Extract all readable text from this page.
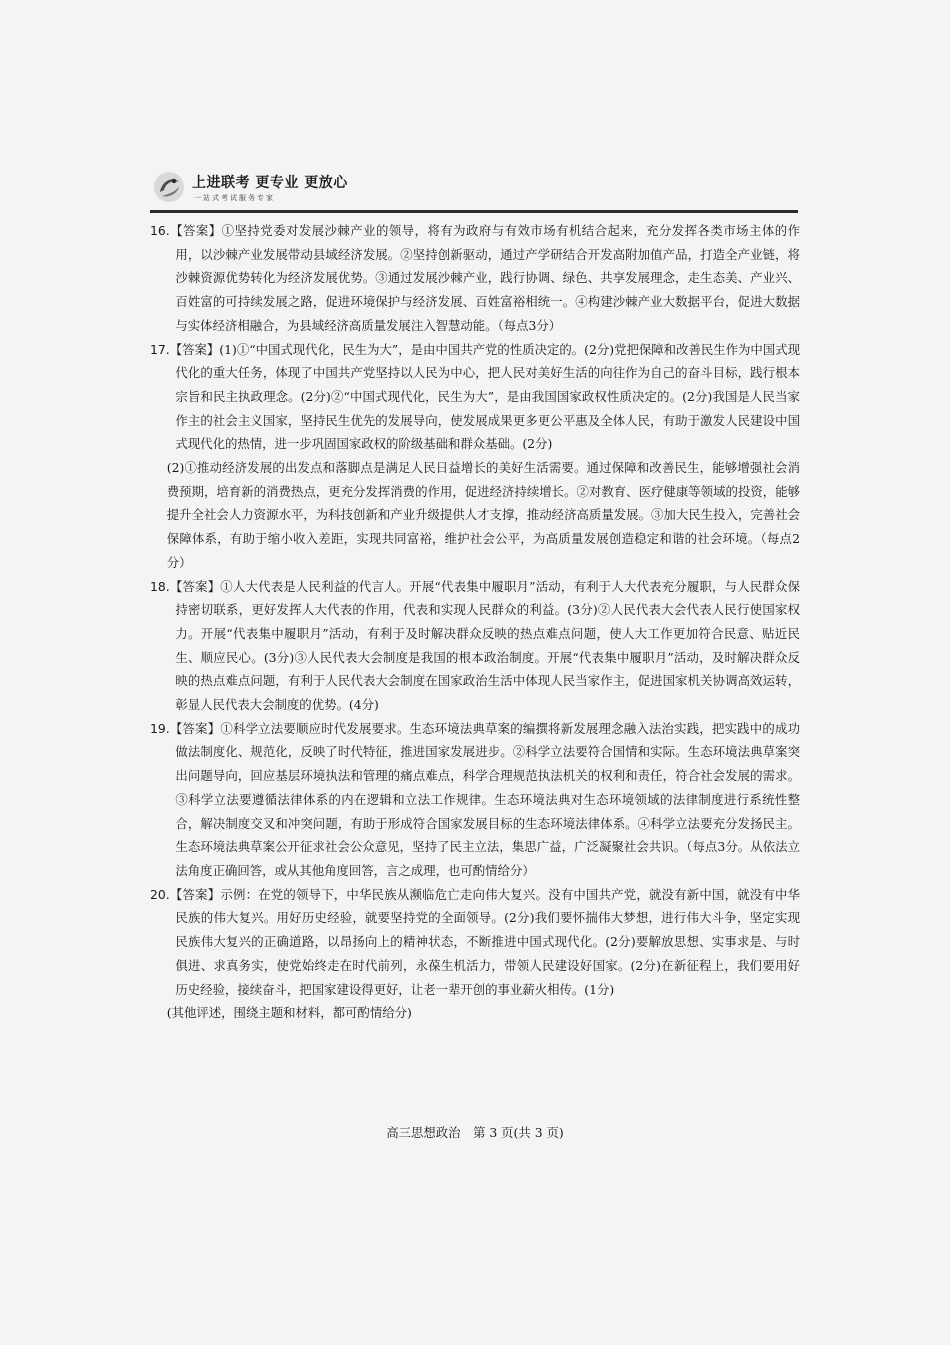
​
上进联考 更专业 更放心
一站式考试服务专家

16.【答案】①坚持党委对发展沙棘产业的领导，将有为政府与有效市场有机结合起来，充分发挥各类市场主体的作用，以沙棘产业发展带动县域经济发展。②坚持创新驱动，通过产学研结合开发高附加值产品，打造全产业链，将沙棘资源优势转化为经济发展优势。③通过发展沙棘产业，践行协调、绿色、共享发展理念，走生态美、产业兴、百姓富的可持续发展之路，促进环境保护与经济发展、百姓富裕相统一。④构建沙棘产业大数据平台，促进大数据与实体经济相融合，为县域经济高质量发展注入智慧动能。（每点3分）

17.【答案】(1)①“中国式现代化，民生为大”，是由中国共产党的性质决定的。(2分)党把保障和改善民生作为中国式现代化的重大任务，体现了中国共产党坚持以人民为中心，把人民对美好生活的向往作为自己的奋斗目标，践行根本宗旨和民主执政理念。(2分)②“中国式现代化，民生为大”，是由我国国家政权性质决定的。(2分)我国是人民当家作主的社会主义国家，坚持民生优先的发展导向，使发展成果更多更公平惠及全体人民，有助于激发人民建设中国式现代化的热情，进一步巩固国家政权的阶级基础和群众基础。(2分)

(2)①推动经济发展的出发点和落脚点是满足人民日益增长的美好生活需要。通过保障和改善民生，能够增强社会消费预期，培育新的消费热点，更充分发挥消费的作用，促进经济持续增长。②对教育、医疗健康等领域的投资，能够提升全社会人力资源水平，为科技创新和产业升级提供人才支撑，推动经济高质量发展。③加大民生投入，完善社会保障体系，有助于缩小收入差距，实现共同富裕，维护社会公平，为高质量发展创造稳定和谐的社会环境。（每点2分）

18.【答案】①人大代表是人民利益的代言人。开展“代表集中履职月”活动，有利于人大代表充分履职，与人民群众保持密切联系，更好发挥人大代表的作用，代表和实现人民群众的利益。(3分)②人民代表大会代表人民行使国家权力。开展“代表集中履职月”活动，有利于及时解决群众反映的热点难点问题，使人大工作更加符合民意、贴近民生、顺应民心。(3分)③人民代表大会制度是我国的根本政治制度。开展“代表集中履职月”活动，及时解决群众反映的热点难点问题，有利于人民代表大会制度在国家政治生活中体现人民当家作主，促进国家机关协调高效运转，彰显人民代表大会制度的优势。(4分)

19.【答案】①科学立法要顺应时代发展要求。生态环境法典草案的编撰将新发展理念融入法治实践，把实践中的成功做法制度化、规范化，反映了时代特征，推进国家发展进步。②科学立法要符合国情和实际。生态环境法典草案突出问题导向，回应基层环境执法和管理的痛点难点，科学合理规范执法机关的权利和责任，符合社会发展的需求。③科学立法要遵循法律体系的内在逻辑和立法工作规律。生态环境法典对生态环境领域的法律制度进行系统性整合，解决制度交叉和冲突问题，有助于形成符合国家发展目标的生态环境法律体系。④科学立法要充分发扬民主。生态环境法典草案公开征求社会公众意见，坚持了民主立法，集思广益，广泛凝聚社会共识。（每点3分。从依法立法角度正确回答，或从其他角度回答，言之成理，也可酌情给分）

20.【答案】示例：在党的领导下，中华民族从濒临危亡走向伟大复兴。没有中国共产党，就没有新中国，就没有中华民族的伟大复兴。用好历史经验，就要坚持党的全面领导。(2分)我们要怀揣伟大梦想，进行伟大斗争，坚定实现民族伟大复兴的正确道路，以昂扬向上的精神状态，不断推进中国式现代化。(2分)要解放思想、实事求是、与时俱进、求真务实，使党始终走在时代前列，永葆生机活力，带领人民建设好国家。(2分)在新征程上，我们要用好历史经验，接续奋斗，把国家建设得更好，让老一辈开创的事业薪火相传。(1分)

(其他评述，围绕主题和材料，都可酌情给分)

高三思想政治　第 3 页(共 3 页)
